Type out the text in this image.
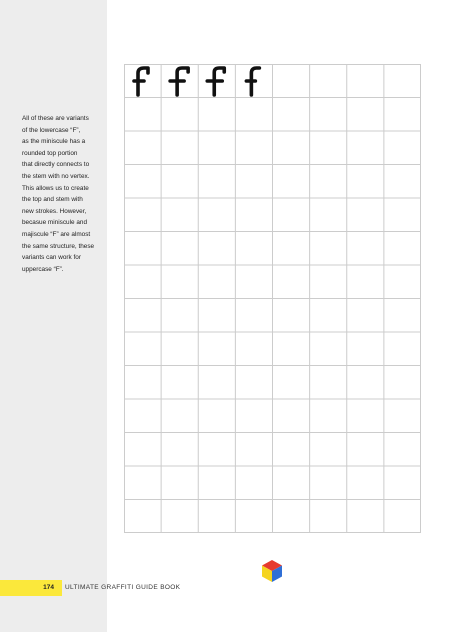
All of these are variants

of the lowercase “F”,

as the miniscule has a

rounded top portion

that directly connects to

the stem with no vertex.

This allows us to create

the top and stem with

new strokes. However,

becasue miniscule and

majiscule “F” are almost

the same structure, these

variants can work for

uppercase “F”.

174	ULTIMATE GRAFFITI GUIDE BOOK
